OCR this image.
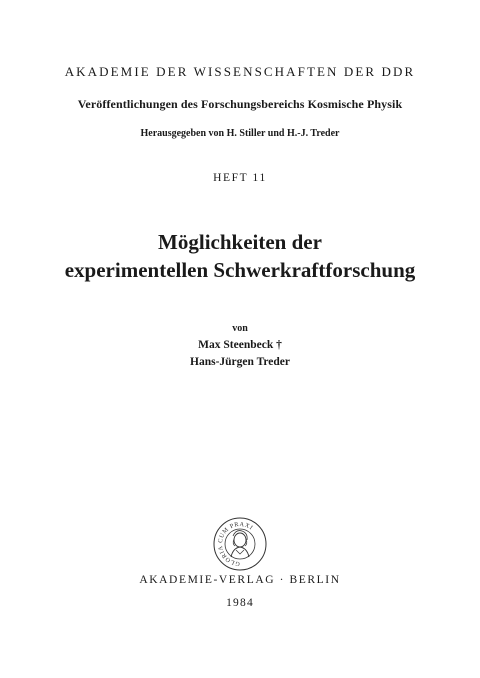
AKADEMIE DER WISSENSCHAFTEN DER DDR
Veröffentlichungen des Forschungsbereichs Kosmische Physik
Herausgegeben von H. Stiller und H.-J. Treder
HEFT 11
Möglichkeiten der
experimentellen Schwerkraftforschung
von
Max Steenbeck †
Hans-Jürgen Treder
GLORIA CUM PRAXI
AKADEMIE-VERLAG · BERLIN
1984
